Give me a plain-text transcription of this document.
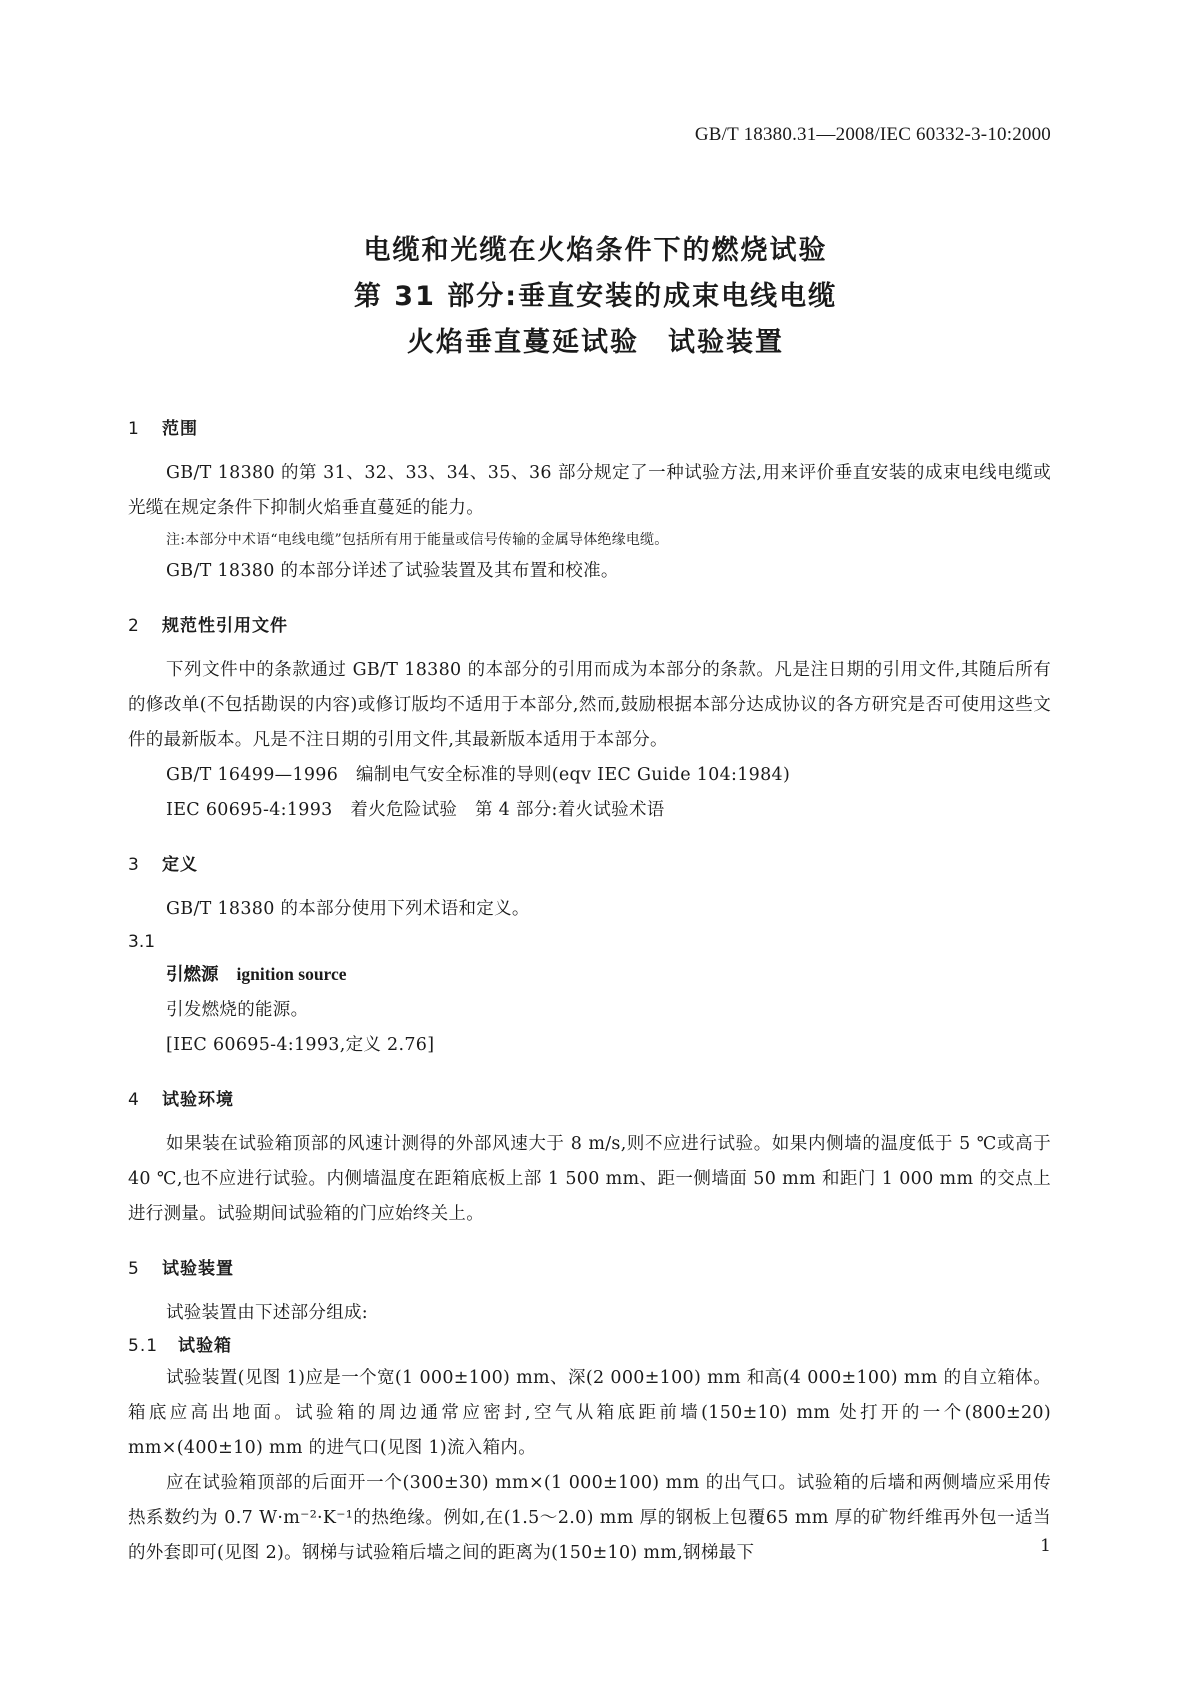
GB/T 18380.31—2008/IEC 60332-3-10:2000
电缆和光缆在火焰条件下的燃烧试验
第 31 部分:垂直安装的成束电线电缆
火焰垂直蔓延试验　试验装置
1 范围
GB/T 18380 的第 31、32、33、34、35、36 部分规定了一种试验方法,用来评价垂直安装的成束电线电缆或光缆在规定条件下抑制火焰垂直蔓延的能力。
注:本部分中术语“电线电缆”包括所有用于能量或信号传输的金属导体绝缘电缆。
GB/T 18380 的本部分详述了试验装置及其布置和校准。
2 规范性引用文件
下列文件中的条款通过 GB/T 18380 的本部分的引用而成为本部分的条款。凡是注日期的引用文件,其随后所有的修改单(不包括勘误的内容)或修订版均不适用于本部分,然而,鼓励根据本部分达成协议的各方研究是否可使用这些文件的最新版本。凡是不注日期的引用文件,其最新版本适用于本部分。
GB/T 16499—1996　编制电气安全标准的导则(eqv IEC Guide 104:1984)
IEC 60695-4:1993　着火危险试验　第 4 部分:着火试验术语
3 定义
GB/T 18380 的本部分使用下列术语和定义。
3.1
引燃源 ignition source
引发燃烧的能源。
[IEC 60695-4:1993,定义 2.76]
4 试验环境
如果装在试验箱顶部的风速计测得的外部风速大于 8 m/s,则不应进行试验。如果内侧墙的温度低于 5 ℃或高于 40 ℃,也不应进行试验。内侧墙温度在距箱底板上部 1 500 mm、距一侧墙面 50 mm 和距门 1 000 mm 的交点上进行测量。试验期间试验箱的门应始终关上。
5 试验装置
试验装置由下述部分组成:
5.1 试验箱
试验装置(见图 1)应是一个宽(1 000±100) mm、深(2 000±100) mm 和高(4 000±100) mm 的自立箱体。箱底应高出地面。试验箱的周边通常应密封,空气从箱底距前墙(150±10) mm 处打开的一个(800±20) mm×(400±10) mm 的进气口(见图 1)流入箱内。
应在试验箱顶部的后面开一个(300±30) mm×(1 000±100) mm 的出气口。试验箱的后墙和两侧墙应采用传热系数约为 0.7 W·m⁻²·K⁻¹的热绝缘。例如,在(1.5～2.0) mm 厚的钢板上包覆65 mm 厚的矿物纤维再外包一适当的外套即可(见图 2)。钢梯与试验箱后墙之间的距离为(150±10) mm,钢梯最下	1
